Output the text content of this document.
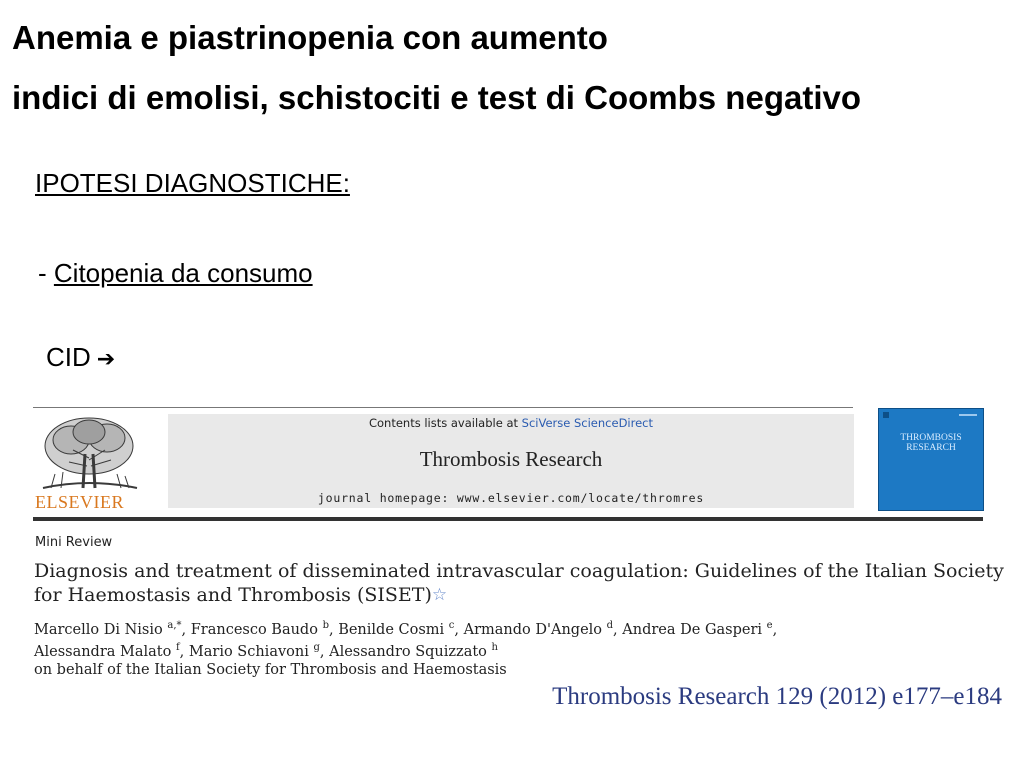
Anemia e piastrinopenia con aumento
indici di emolisi, schistociti e test di Coombs negativo
IPOTESI DIAGNOSTICHE:
- Citopenia da consumo
CID ➔
ELSEVIER
Contents lists available at SciVerse ScienceDirect
Thrombosis Research
journal homepage: www.elsevier.com/locate/thromres
THROMBOSIS
RESEARCH
Mini Review
Diagnosis and treatment of disseminated intravascular coagulation: Guidelines of the Italian Society for Haemostasis and Thrombosis (SISET)☆
Marcello Di Nisio $^{a,*}$, Francesco Baudo $^b$, Benilde Cosmi $^c$, Armando D'Angelo $^d$, Andrea De Gasperi $^e$,
Alessandra Malato $^f$, Mario Schiavoni $^g$, Alessandro Squizzato $^h$
on behalf of the Italian Society for Thrombosis and Haemostasis
Thrombosis Research 129 (2012) e177–e184
